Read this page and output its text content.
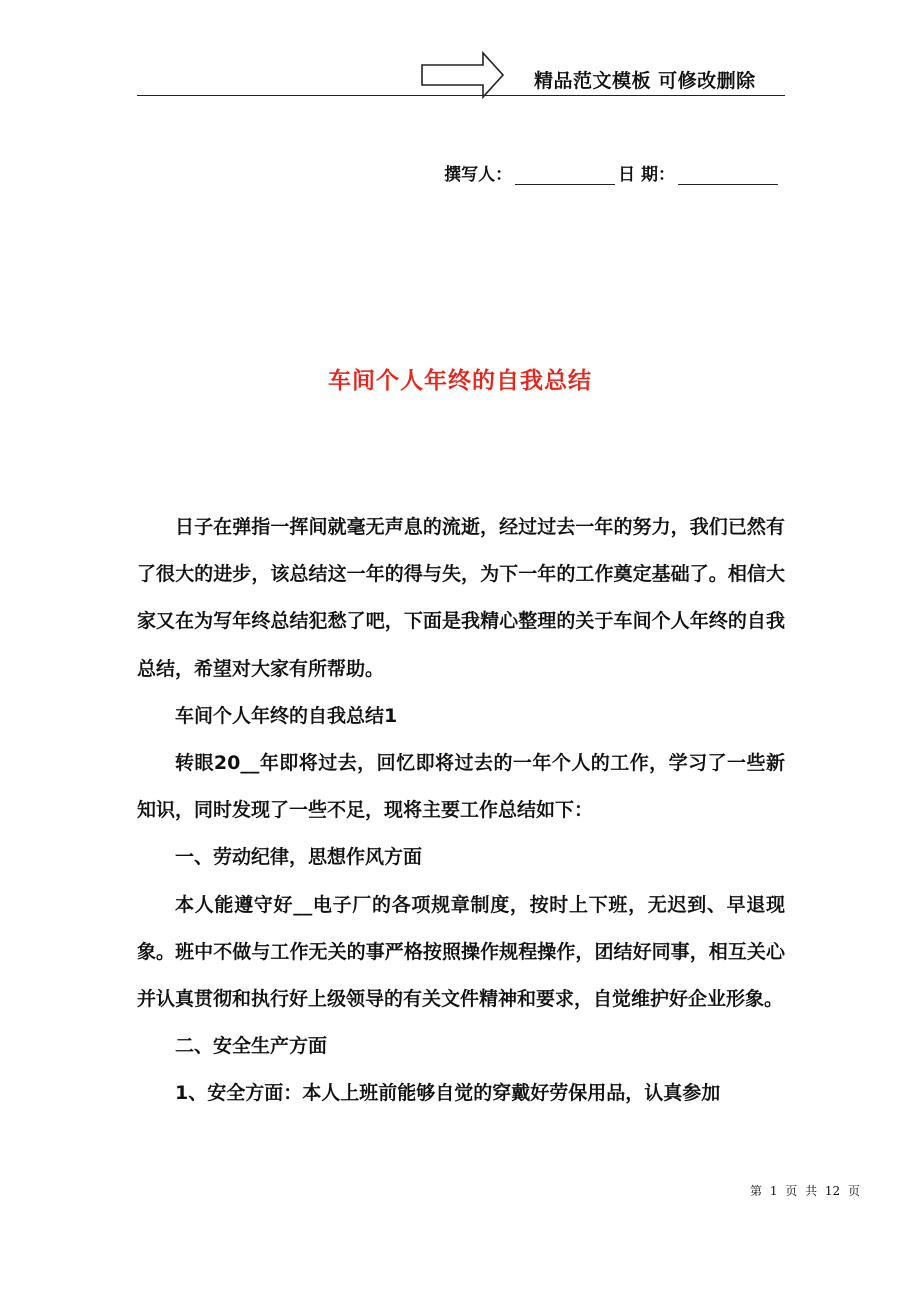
精品范文模板 可修改删除
撰写人：	日 期：
车间个人年终的自我总结

日子在弹指一挥间就毫无声息的流逝，经过过去一年的努力，我们已然有了很大的进步，该总结这一年的得与失，为下一年的工作奠定基础了。相信大家又在为写年终总结犯愁了吧，下面是我精心整理的关于车间个人年终的自我总结，希望对大家有所帮助。

车间个人年终的自我总结1

转眼20__年即将过去，回忆即将过去的一年个人的工作，学习了一些新知识，同时发现了一些不足，现将主要工作总结如下：

一、劳动纪律，思想作风方面

本人能遵守好__电子厂的各项规章制度，按时上下班，无迟到、早退现象。班中不做与工作无关的事严格按照操作规程操作，团结好同事，相互关心并认真贯彻和执行好上级领导的有关文件精神和要求，自觉维护好企业形象。

二、安全生产方面

1、安全方面：本人上班前能够自觉的穿戴好劳保用品，认真参加

第 1 页 共 12 页
